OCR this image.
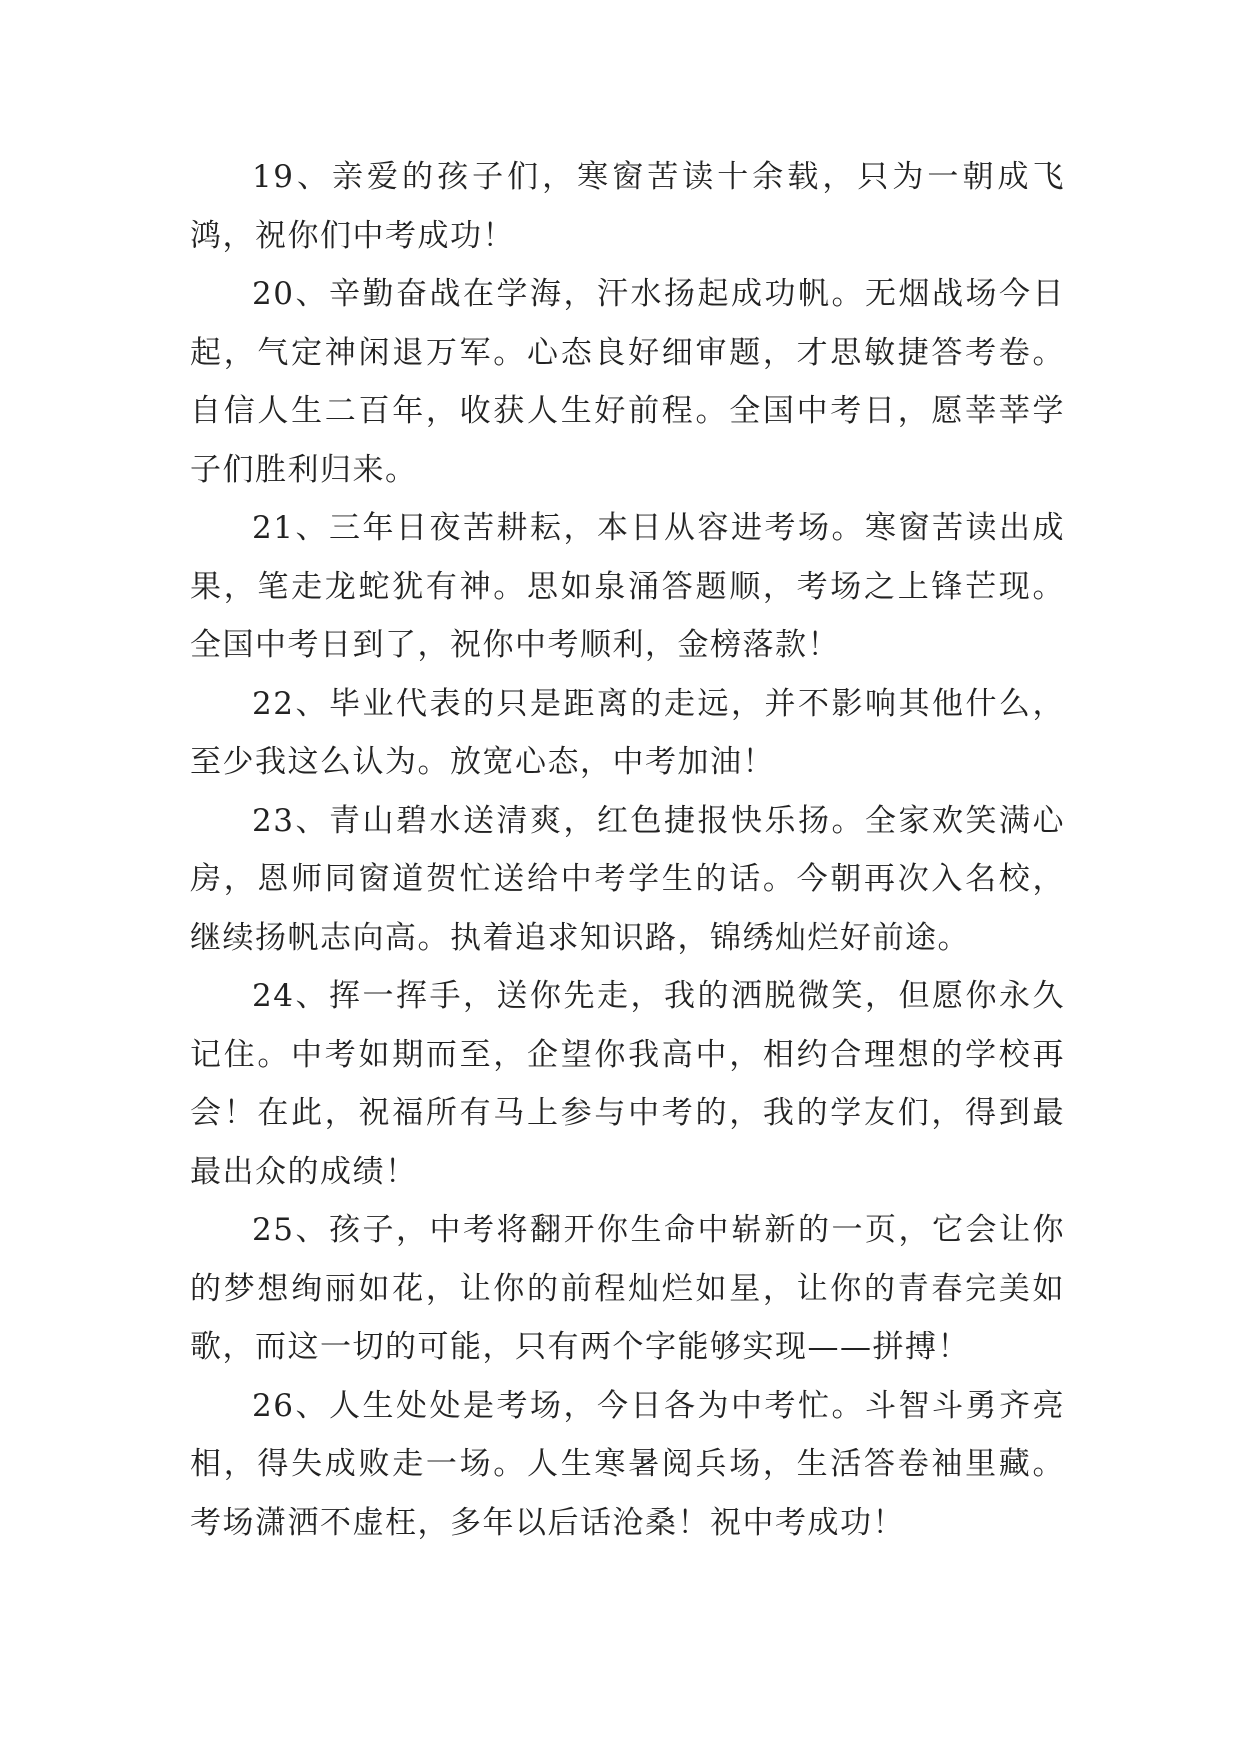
19、亲爱的孩子们，寒窗苦读十余载，只为一朝成飞鸿，祝你们中考成功！

20、辛勤奋战在学海，汗水扬起成功帆。无烟战场今日起，气定神闲退万军。心态良好细审题，才思敏捷答考卷。自信人生二百年，收获人生好前程。全国中考日，愿莘莘学子们胜利归来。

21、三年日夜苦耕耘，本日从容进考场。寒窗苦读出成果，笔走龙蛇犹有神。思如泉涌答题顺，考场之上锋芒现。全国中考日到了，祝你中考顺利，金榜落款！

22、毕业代表的只是距离的走远，并不影响其他什么，至少我这么认为。放宽心态，中考加油！

23、青山碧水送清爽，红色捷报快乐扬。全家欢笑满心房，恩师同窗道贺忙送给中考学生的话。今朝再次入名校，继续扬帆志向高。执着追求知识路，锦绣灿烂好前途。

24、挥一挥手，送你先走，我的洒脱微笑，但愿你永久记住。中考如期而至，企望你我高中，相约合理想的学校再会！在此，祝福所有马上参与中考的，我的学友们，得到最最出众的成绩！

25、孩子，中考将翻开你生命中崭新的一页，它会让你的梦想绚丽如花，让你的前程灿烂如星，让你的青春完美如歌，而这一切的可能，只有两个字能够实现——拼搏！

26、人生处处是考场，今日各为中考忙。斗智斗勇齐亮相，得失成败走一场。人生寒暑阅兵场，生活答卷袖里藏。考场潇洒不虚枉，多年以后话沧桑！祝中考成功！
